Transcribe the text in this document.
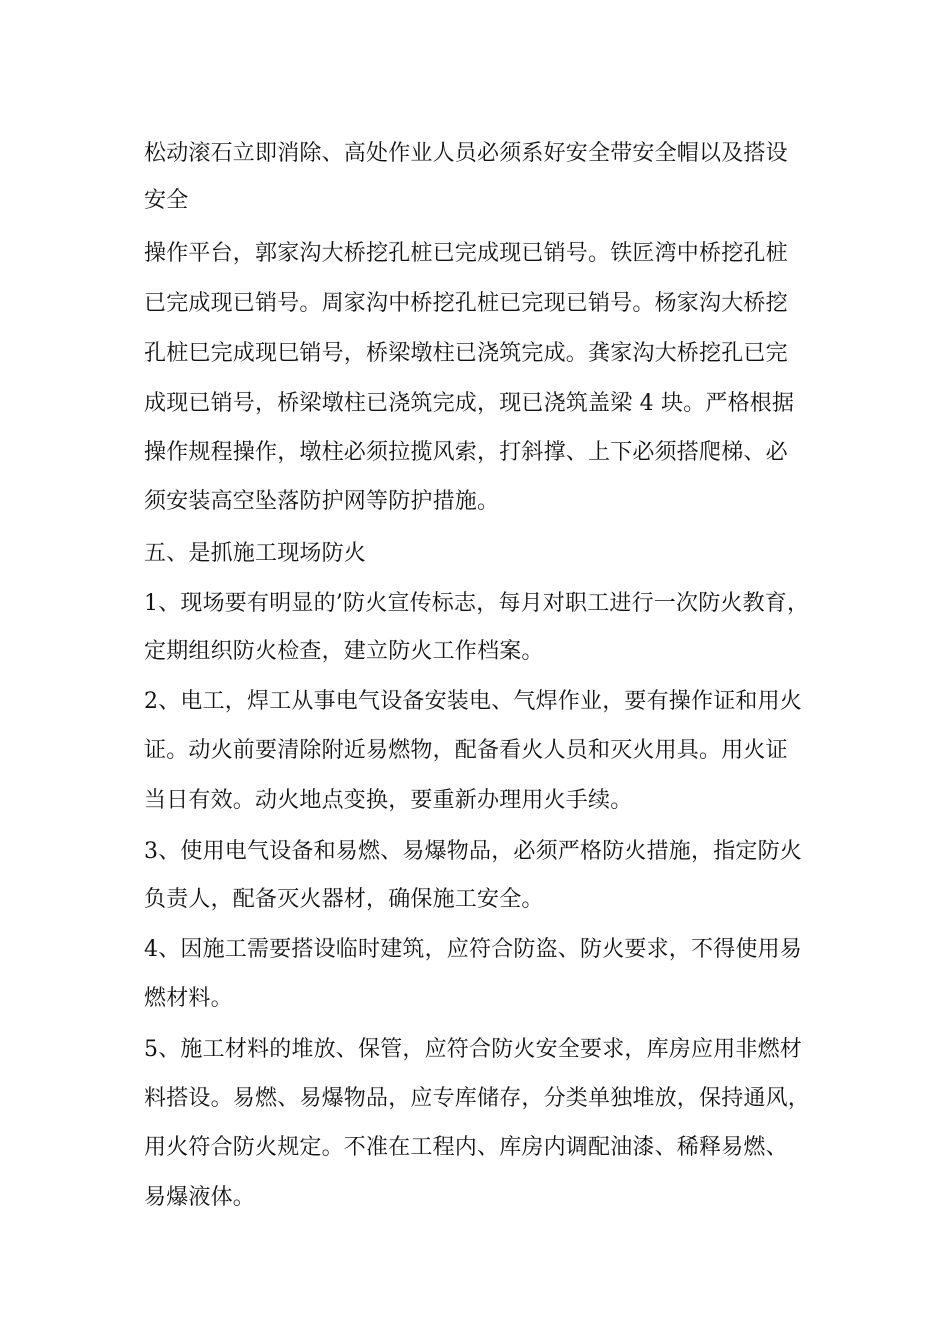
松动滚石立即消除、高处作业人员必须系好安全带安全帽以及搭设
安全
操作平台，郭家沟大桥挖孔桩已完成现已销号。铁匠湾中桥挖孔桩
已完成现已销号。周家沟中桥挖孔桩已完现已销号。杨家沟大桥挖
孔桩巳完成现巳销号，桥梁墩柱已浇筑完成。龚家沟大桥挖孔已完
成现已销号，桥梁墩柱已浇筑完成，现已浇筑盖梁 4 块。严格根据
操作规程操作，墩柱必须拉揽风索，打斜撑、上下必须搭爬梯、必
须安装高空坠落防护网等防护措施。
五、是抓施工现场防火
1、现场要有明显的’防火宣传标志，每月对职工进行一次防火教育，
定期组织防火检查，建立防火工作档案。
2、电工，焊工从事电气设备安装电、气焊作业，要有操作证和用火
证。动火前要清除附近易燃物，配备看火人员和灭火用具。用火证
当日有效。动火地点变换，要重新办理用火手续。
3、使用电气设备和易燃、易爆物品，必须严格防火措施，指定防火
负责人，配备灭火器材，确保施工安全。
4、因施工需要搭设临时建筑，应符合防盗、防火要求，不得使用易
燃材料。
5、施工材料的堆放、保管，应符合防火安全要求，库房应用非燃材
料搭设。易燃、易爆物品，应专库储存，分类单独堆放，保持通风，
用火符合防火规定。不准在工程内、库房内调配油漆、稀释易燃、
易爆液体。
